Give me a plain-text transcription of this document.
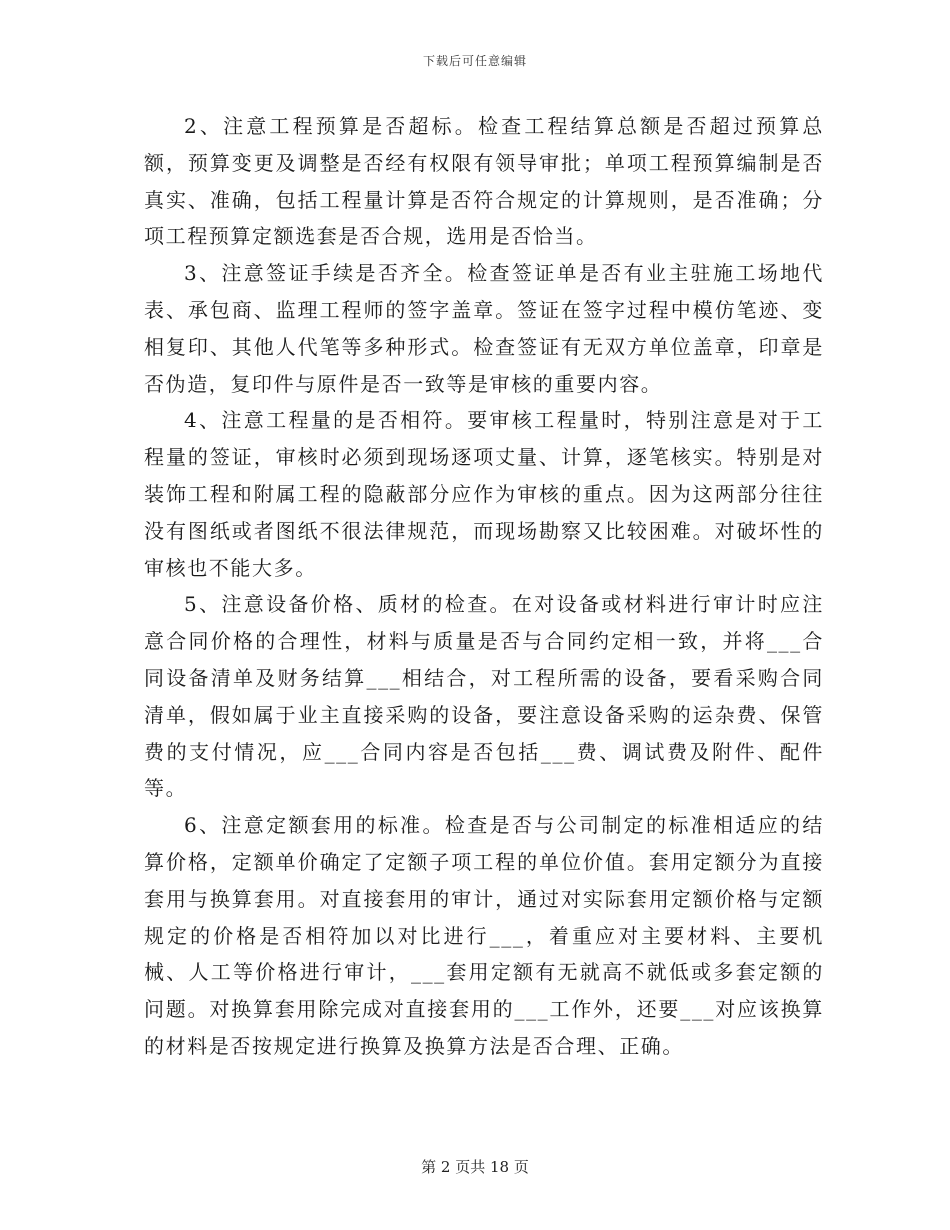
下载后可任意编辑

2、注意工程预算是否超标。检查工程结算总额是否超过预算总额，预算变更及调整是否经有权限有领导审批；单项工程预算编制是否真实、准确，包括工程量计算是否符合规定的计算规则，是否准确；分项工程预算定额选套是否合规，选用是否恰当。

3、注意签证手续是否齐全。检查签证单是否有业主驻施工场地代表、承包商、监理工程师的签字盖章。签证在签字过程中模仿笔迹、变相复印、其他人代笔等多种形式。检查签证有无双方单位盖章，印章是否伪造，复印件与原件是否一致等是审核的重要内容。

4、注意工程量的是否相符。要审核工程量时，特别注意是对于工程量的签证，审核时必须到现场逐项丈量、计算，逐笔核实。特别是对装饰工程和附属工程的隐蔽部分应作为审核的重点。因为这两部分往往没有图纸或者图纸不很法律规范，而现场勘察又比较困难。对破坏性的审核也不能大多。

5、注意设备价格、质材的检查。在对设备或材料进行审计时应注意合同价格的合理性，材料与质量是否与合同约定相一致，并将___合同设备清单及财务结算___相结合，对工程所需的设备，要看采购合同清单，假如属于业主直接采购的设备，要注意设备采购的运杂费、保管费的支付情况，应___合同内容是否包括___费、调试费及附件、配件等。

6、注意定额套用的标准。检查是否与公司制定的标准相适应的结算价格，定额单价确定了定额子项工程的单位价值。套用定额分为直接套用与换算套用。对直接套用的审计，通过对实际套用定额价格与定额规定的价格是否相符加以对比进行___，着重应对主要材料、主要机械、人工等价格进行审计，___套用定额有无就高不就低或多套定额的问题。对换算套用除完成对直接套用的___工作外，还要___对应该换算的材料是否按规定进行换算及换算方法是否合理、正确。

第 2 页共 18 页
